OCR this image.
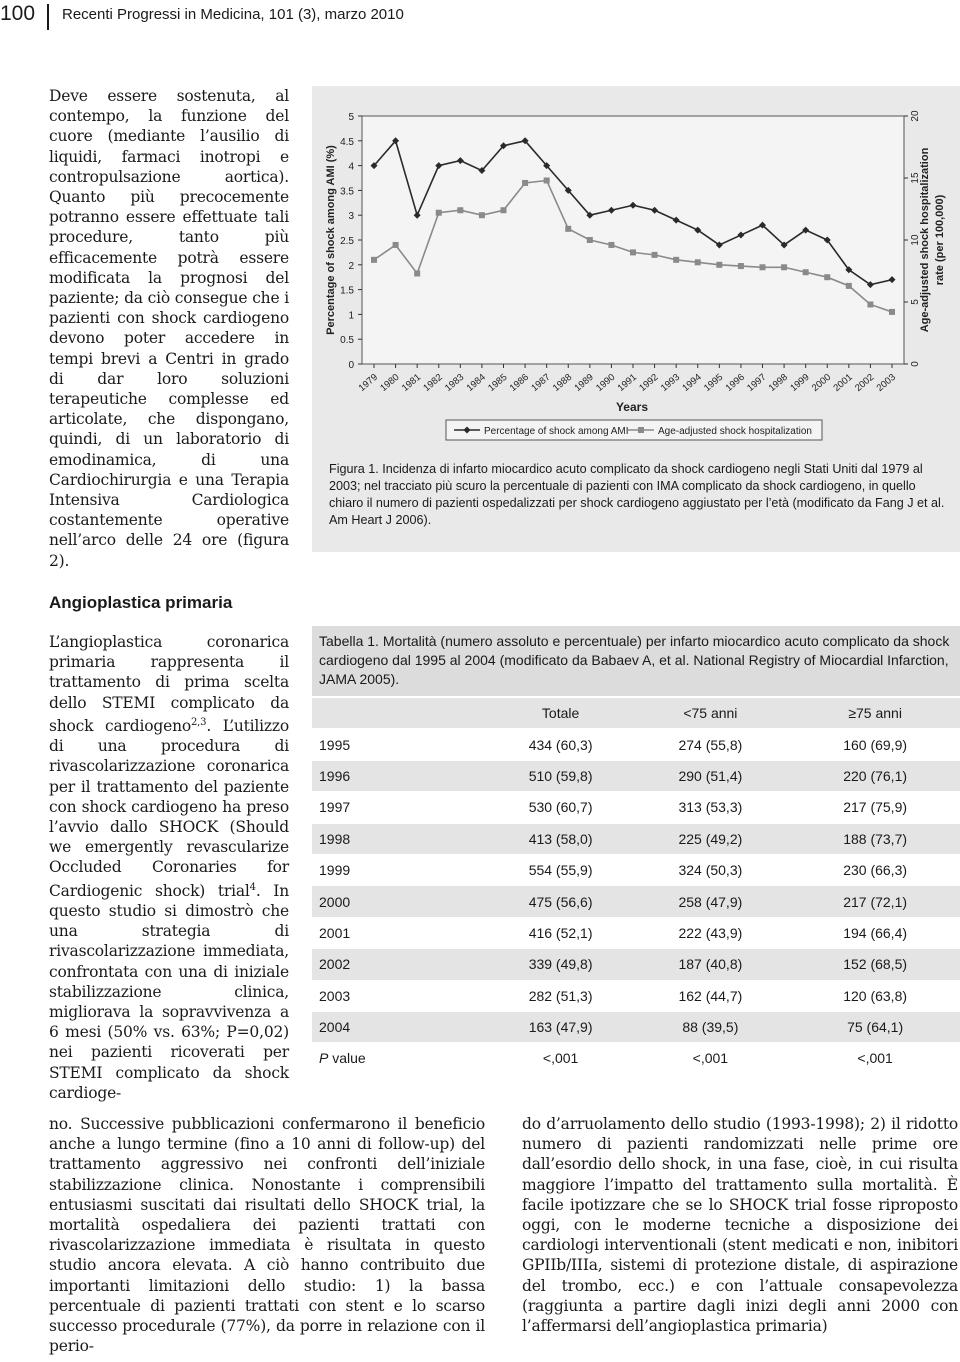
100 Recenti Progressi in Medicina, 101 (3), marzo 2010

Deve essere sostenuta, al contempo, la funzione del cuore (mediante l’ausilio di liquidi, farmaci inotropi e contropulsazione aortica). Quanto più precocemente potranno essere effettuate tali procedure, tanto più efficacemente potrà essere modificata la prognosi del paziente; da ciò consegue che i pazienti con shock cardiogeno devono poter accedere in tempi brevi a Centri in grado di dar loro soluzioni terapeutiche complesse ed articolate, che dispongano, quindi, di un laboratorio di emodinamica, di una Cardiochirurgia e una Terapia Intensiva Cardiologica costantemente operative nell’arco delle 24 ore (figura 2).

0
0.5
1
1.5
2
2.5
3
3.5
4
4.5
5
0
5
10
15
20
1979
1980
1981
1982
1983
1984
1985
1986
1987
1988
1989
1990
1991
1992
1993
1994
1995
1996
1997
1998
1999
2000
2001
2002
2003
Percentage of shock among AMI (%)
Years
Age-adjusted shock hospitalization rate (per 100,000)
Percentage of shock among AMI	Age-adjusted shock hospitalization

Figura 1. Incidenza di infarto miocardico acuto complicato da shock cardiogeno negli Stati Uniti dal 1979 al 2003; nel tracciato più scuro la percentuale di pazienti con IMA complicato da shock cardiogeno, in quello chiaro il numero di pazienti ospedalizzati per shock cardiogeno aggiustato per l’età (modificato da Fang J et al. Am Heart J 2006).

Angioplastica primaria

L’angioplastica coronarica primaria rappresenta il trattamento di prima scelta dello STEMI complicato da shock cardiogeno$^{2,3}$. L’utilizzo di una procedura di rivascolarizzazione coronarica per il trattamento del paziente con shock cardiogeno ha preso l’avvio dallo SHOCK (Should we emergently revascularize Occluded Coronaries for Cardiogenic shock) trial$^4$. In questo studio si dimostrò che una strategia di rivascolarizzazione immediata, confrontata con una di iniziale stabilizzazione clinica, migliorava la sopravvivenza a 6 mesi (50% vs. 63%; P=0,02) nei pazienti ricoverati per STEMI complicato da shock cardioge-

Tabella 1. Mortalità (numero assoluto e percentuale) per infarto miocardico acuto complicato da shock cardiogeno dal 1995 al 2004 (modificato da Babaev A, et al. National Registry of Miocardial Infarction, JAMA 2005).

	Totale	<75 anni	≥75 anni
1995	434 (60,3)	274 (55,8)	160 (69,9)
1996	510 (59,8)	290 (51,4)	220 (76,1)
1997	530 (60,7)	313 (53,3)	217 (75,9)
1998	413 (58,0)	225 (49,2)	188 (73,7)
1999	554 (55,9)	324 (50,3)	230 (66,3)
2000	475 (56,6)	258 (47,9)	217 (72,1)
2001	416 (52,1)	222 (43,9)	194 (66,4)
2002	339 (49,8)	187 (40,8)	152 (68,5)
2003	282 (51,3)	162 (44,7)	120 (63,8)
2004	163 (47,9)	88 (39,5)	75 (64,1)
P value	<,001	<,001	<,001

no. Successive pubblicazioni confermarono il beneficio anche a lungo termine (fino a 10 anni di follow-up) del trattamento aggressivo nei confronti dell’iniziale stabilizzazione clinica. Nonostante i comprensibili entusiasmi suscitati dai risultati dello SHOCK trial, la mortalità ospedaliera dei pazienti trattati con rivascolarizzazione immediata è risultata in questo studio ancora elevata. A ciò hanno contribuito due importanti limitazioni dello studio: 1) la bassa percentuale di pazienti trattati con stent e lo scarso successo procedurale (77%), da porre in relazione con il perio-

do d’arruolamento dello studio (1993-1998); 2) il ridotto numero di pazienti randomizzati nelle prime ore dall’esordio dello shock, in una fase, cioè, in cui risulta maggiore l’impatto del trattamento sulla mortalità. È facile ipotizzare che se lo SHOCK trial fosse riproposto oggi, con le moderne tecniche a disposizione dei cardiologi interventionali (stent medicati e non, inibitori GPIIb/IIIa, sistemi di protezione distale, di aspirazione del trombo, ecc.) e con l’attuale consapevolezza (raggiunta a partire dagli inizi degli anni 2000 con l’affermarsi dell’angioplastica primaria)
